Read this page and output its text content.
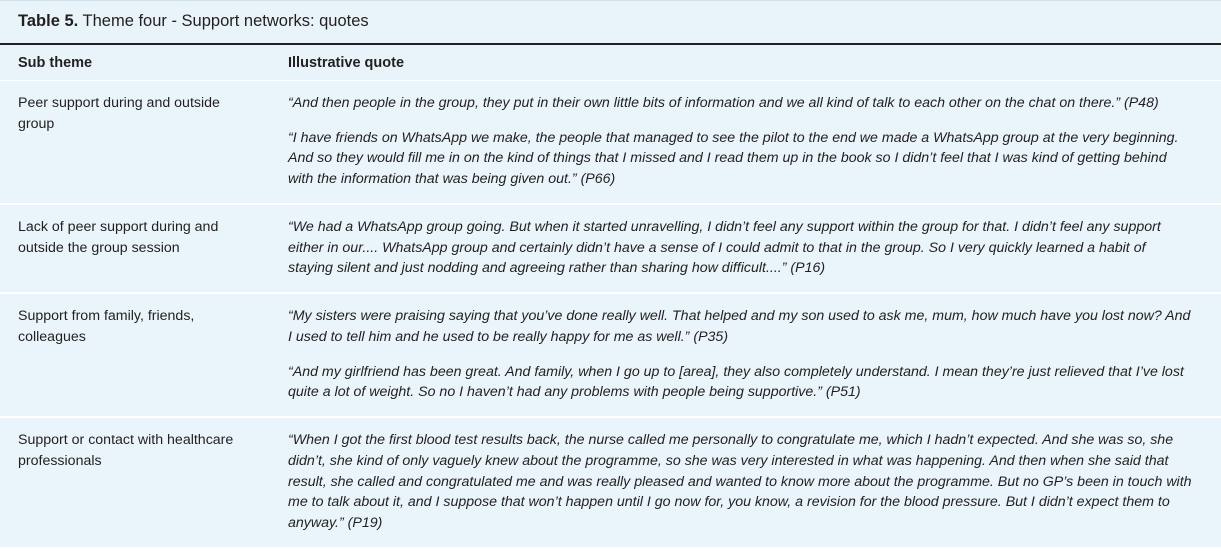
Table 5. Theme four - Support networks: quotes
Sub theme	Illustrative quote
Peer support during and outside group	“And then people in the group, they put in their own little bits of information and we all kind of talk to each other on the chat on there.” (P48)

“I have friends on WhatsApp we make, the people that managed to see the pilot to the end we made a WhatsApp group at the very beginning. And so they would fill me in on the kind of things that I missed and I read them up in the book so I didn’t feel that I was kind of getting behind with the information that was being given out.” (P66)

Lack of peer support during and outside the group session	“We had a WhatsApp group going. But when it started unravelling, I didn’t feel any support within the group for that. I didn’t feel any support either in our.... WhatsApp group and certainly didn’t have a sense of I could admit to that in the group. So I very quickly learned a habit of staying silent and just nodding and agreeing rather than sharing how difficult....” (P16)

Support from family, friends, colleagues	“My sisters were praising saying that you’ve done really well. That helped and my son used to ask me, mum, how much have you lost now? And I used to tell him and he used to be really happy for me as well.” (P35)

“And my girlfriend has been great. And family, when I go up to [area], they also completely understand. I mean they’re just relieved that I’ve lost quite a lot of weight. So no I haven’t had any problems with people being supportive.” (P51)

Support or contact with healthcare professionals	“When I got the first blood test results back, the nurse called me personally to congratulate me, which I hadn’t expected. And she was so, she didn’t, she kind of only vaguely knew about the programme, so she was very interested in what was happening. And then when she said that result, she called and congratulated me and was really pleased and wanted to know more about the programme. But no GP’s been in touch with me to talk about it, and I suppose that won’t happen until I go now for, you know, a revision for the blood pressure. But I didn’t expect them to anyway.” (P19)
